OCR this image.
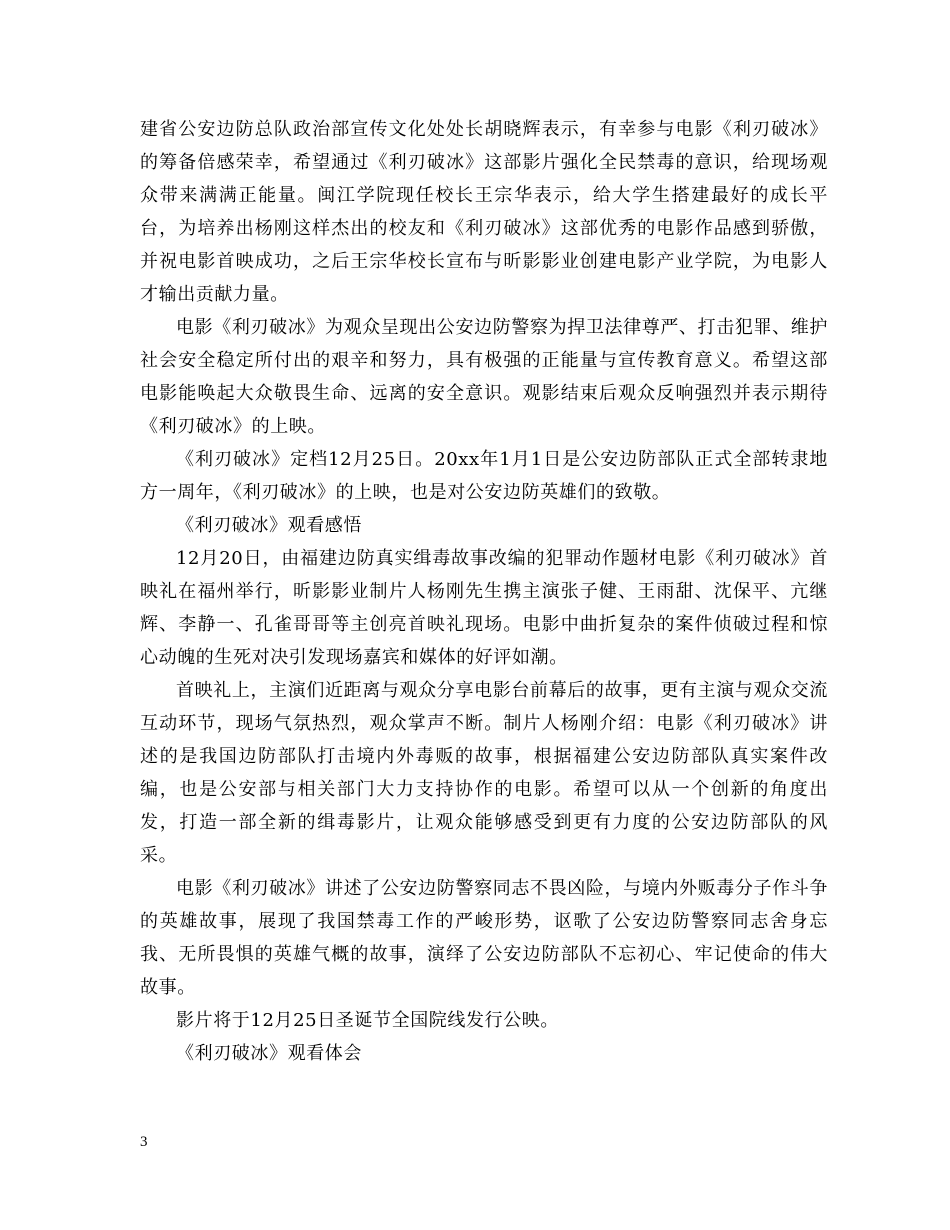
建省公安边防总队政治部宣传文化处处长胡晓辉表示，有幸参与电影《利刃破冰》的筹备倍感荣幸，希望通过《利刃破冰》这部影片强化全民禁毒的意识，给现场观众带来满满正能量。闽江学院现任校长王宗华表示，给大学生搭建最好的成长平台，为培养出杨刚这样杰出的校友和《利刃破冰》这部优秀的电影作品感到骄傲，并祝电影首映成功，之后王宗华校长宣布与昕影影业创建电影产业学院，为电影人才输出贡献力量。

电影《利刃破冰》为观众呈现出公安边防警察为捍卫法律尊严、打击犯罪、维护社会安全稳定所付出的艰辛和努力，具有极强的正能量与宣传教育意义。希望这部电影能唤起大众敬畏生命、远离的安全意识。观影结束后观众反响强烈并表示期待《利刃破冰》的上映。

《利刃破冰》定档12月25日。20xx年1月1日是公安边防部队正式全部转隶地方一周年，《利刃破冰》的上映，也是对公安边防英雄们的致敬。

《利刃破冰》观看感悟

12月20日，由福建边防真实缉毒故事改编的犯罪动作题材电影《利刃破冰》首映礼在福州举行，昕影影业制片人杨刚先生携主演张子健、王雨甜、沈保平、亢继辉、李静一、孔雀哥哥等主创亮首映礼现场。电影中曲折复杂的案件侦破过程和惊心动魄的生死对决引发现场嘉宾和媒体的好评如潮。

首映礼上，主演们近距离与观众分享电影台前幕后的故事，更有主演与观众交流互动环节，现场气氛热烈，观众掌声不断。制片人杨刚介绍：电影《利刃破冰》讲述的是我国边防部队打击境内外毒贩的故事，根据福建公安边防部队真实案件改编，也是公安部与相关部门大力支持协作的电影。希望可以从一个创新的角度出发，打造一部全新的缉毒影片，让观众能够感受到更有力度的公安边防部队的风采。

电影《利刃破冰》讲述了公安边防警察同志不畏凶险，与境内外贩毒分子作斗争的英雄故事，展现了我国禁毒工作的严峻形势，讴歌了公安边防警察同志舍身忘我、无所畏惧的英雄气概的故事，演绎了公安边防部队不忘初心、牢记使命的伟大故事。

影片将于12月25日圣诞节全国院线发行公映。

《利刃破冰》观看体会

3
